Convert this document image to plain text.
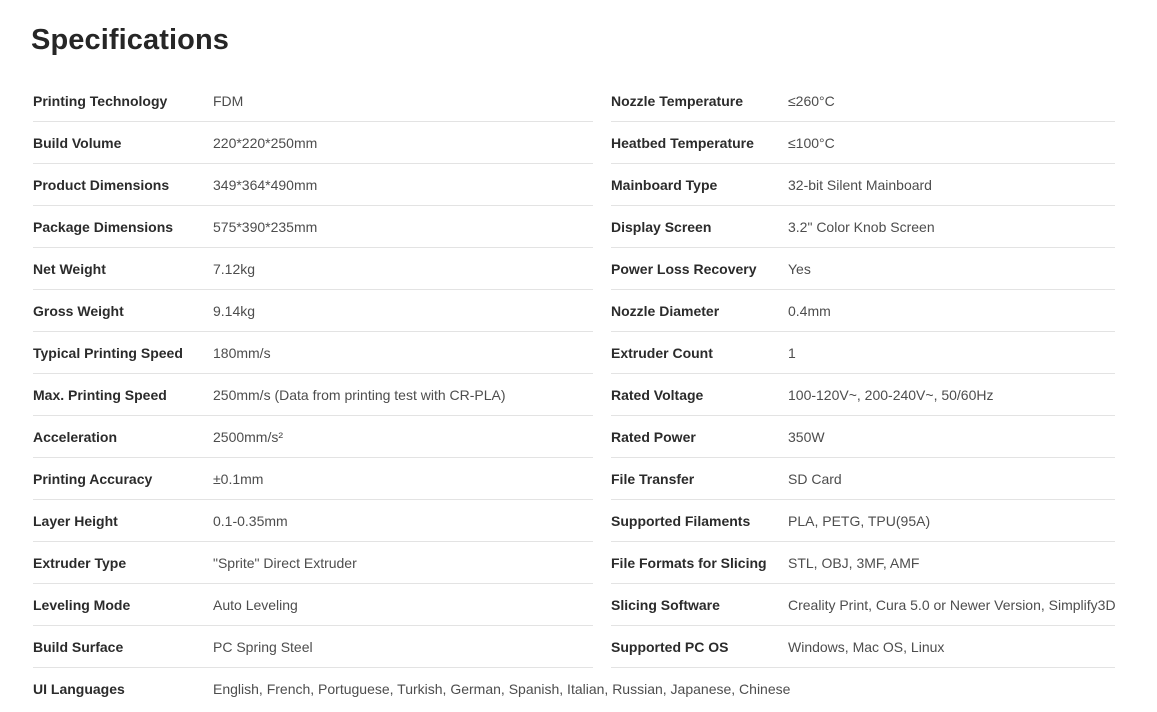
Specifications
Printing Technology	FDM
Build Volume	220*220*250mm
Product Dimensions	349*364*490mm
Package Dimensions	575*390*235mm
Net Weight	7.12kg
Gross Weight	9.14kg
Typical Printing Speed 180mm/s
Max. Printing Speed	250mm/s (Data from printing test with CR-PLA)
Acceleration	2500mm/s²
Printing Accuracy	±0.1mm
Layer Height	0.1-0.35mm
Extruder Type	"Sprite" Direct Extruder
Leveling Mode	Auto Leveling
Build Surface	PC Spring Steel
Nozzle Temperature	≤260°C
Heatbed Temperature ≤100°C
Mainboard Type	32-bit Silent Mainboard
Display Screen	3.2" Color Knob Screen
Power Loss Recovery Yes
Nozzle Diameter	0.4mm
Extruder Count	1
Rated Voltage	100-120V~, 200-240V~, 50/60Hz
Rated Power	350W
File Transfer	SD Card
Supported Filaments	PLA, PETG, TPU(95A)
File Formats for Slicing STL, OBJ, 3MF, AMF
Slicing Software	Creality Print, Cura 5.0 or Newer Version, Simplify3D
Supported PC OS	Windows, Mac OS, Linux
UI Languages	English, French, Portuguese, Turkish, German, Spanish, Italian, Russian, Japanese, Chinese
